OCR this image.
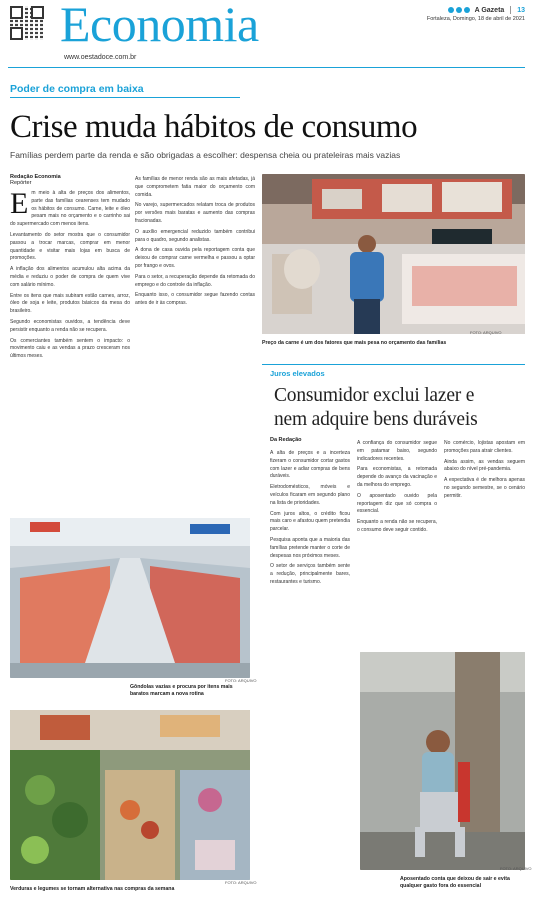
Economia
www.oestadoce.com.br
A Gazeta 13
Fortaleza, Domingo, 18 de abril de 2021
Poder de compra em baixa
Crise muda hábitos de consumo
Famílias perdem parte da renda e são obrigadas a escolher: despensa cheia ou prateleiras mais vazias
Redação Economia
Repórter
E m meio à alta de preços dos alimentos, parte das famílias cearenses tem mudado os hábitos de consumo. Carne, leite e óleo pesam mais no orçamento e o carrinho sai do supermercado com menos itens.

Levantamento do setor mostra que o consumidor passou a trocar marcas, comprar em menor quantidade e visitar mais lojas em busca de promoções.

A inflação dos alimentos acumulou alta acima da média e reduziu o poder de compra de quem vive com salário mínimo.

Entre os itens que mais subiram estão carnes, arroz, óleo de soja e leite, produtos básicos da mesa do brasileiro.

Segundo economistas ouvidos, a tendência deve persistir enquanto a renda não se recupera.

Os comerciantes também sentem o impacto: o movimento caiu e as vendas a prazo cresceram nos últimos meses.

As famílias de menor renda são as mais afetadas, já que comprometem fatia maior do orçamento com comida.

No varejo, supermercados relatam troca de produtos por versões mais baratas e aumento das compras fracionadas.

O auxílio emergencial reduzido também contribui para o quadro, segundo analistas.

A dona de casa ouvida pela reportagem conta que deixou de comprar carne vermelha e passou a optar por frango e ovos.

Para o setor, a recuperação depende da retomada do emprego e do controle da inflação.

Enquanto isso, o consumidor segue fazendo contas antes de ir às compras.

Preço da carne é um dos fatores que mais pesa no orçamento das famílias
FOTO: ARQUIVO
Juros elevados
Consumidor exclui lazer e
nem adquire bens duráveis
Da Redação

A alta de preços e a incerteza fizeram o consumidor cortar gastos com lazer e adiar compras de bens duráveis.

Eletrodomésticos, móveis e veículos ficaram em segundo plano na lista de prioridades.

Com juros altos, o crédito ficou mais caro e afastou quem pretendia parcelar.

Pesquisa aponta que a maioria das famílias pretende manter o corte de despesas nos próximos meses.

O setor de serviços também sente a redução, principalmente bares, restaurantes e turismo.

A confiança do consumidor segue em patamar baixo, segundo indicadores recentes.

Para economistas, a retomada depende do avanço da vacinação e da melhora do emprego.

O aposentado ouvido pela reportagem diz que só compra o essencial.

Enquanto a renda não se recupera, o consumo deve seguir contido.

No comércio, lojistas apostam em promoções para atrair clientes.

Ainda assim, as vendas seguem abaixo do nível pré-pandemia.

A expectativa é de melhora apenas no segundo semestre, se o cenário permitir.

Gôndolas vazias e procura por itens mais baratos marcam a nova rotina
FOTO: ARQUIVO
Verduras e legumes se tornam alternativa nas compras da semana
FOTO: ARQUIVO
Aposentado conta que deixou de sair e evita qualquer gasto fora do essencial
FOTO: ARQUIVO
